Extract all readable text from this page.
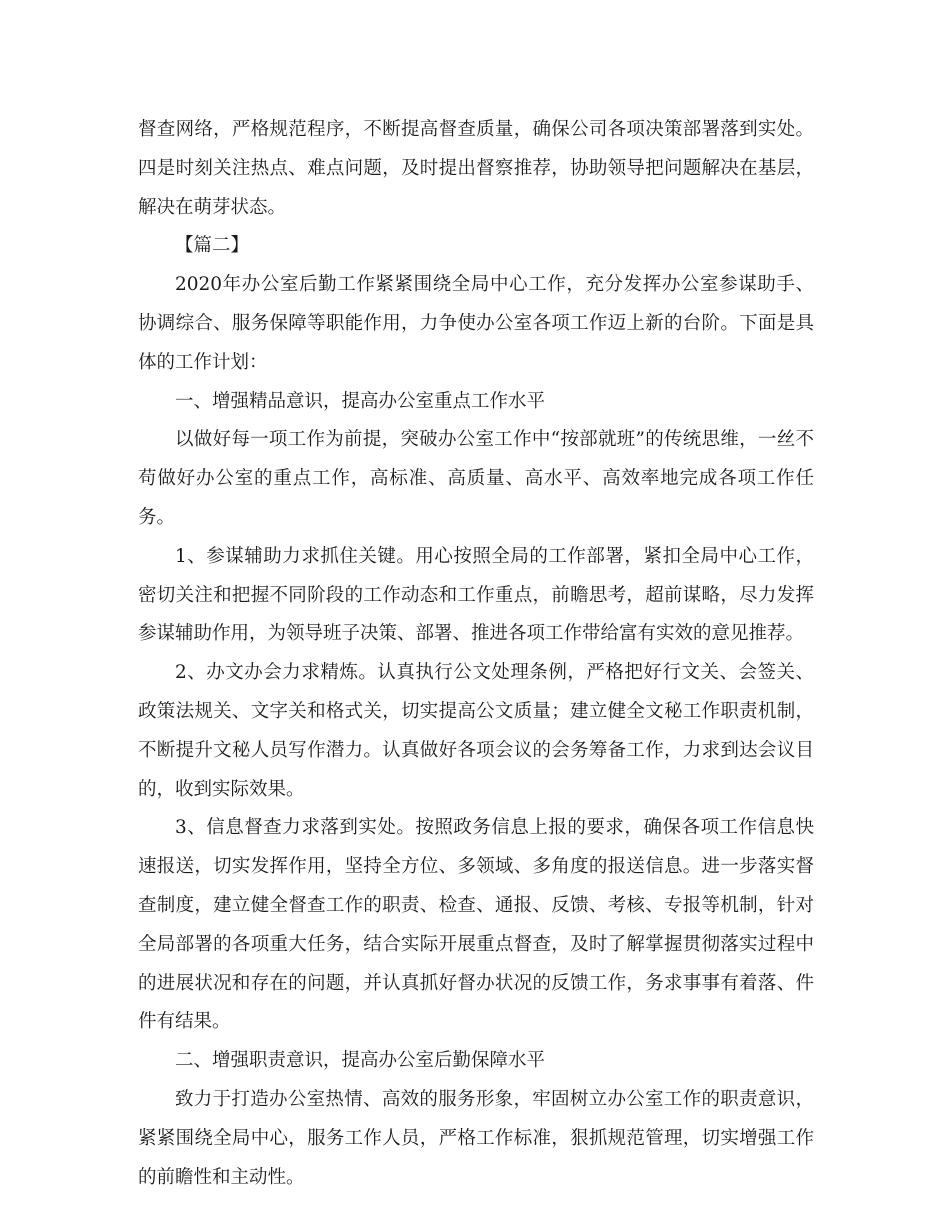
督查网络，严格规范程序，不断提高督查质量，确保公司各项决策部署落到实处。四是时刻关注热点、难点问题，及时提出督察推荐，协助领导把问题解决在基层，解决在萌芽状态。

【篇二】

2020年办公室后勤工作紧紧围绕全局中心工作，充分发挥办公室参谋助手、协调综合、服务保障等职能作用，力争使办公室各项工作迈上新的台阶。下面是具体的工作计划：

一、增强精品意识，提高办公室重点工作水平

以做好每一项工作为前提，突破办公室工作中“按部就班”的传统思维，一丝不苟做好办公室的重点工作，高标准、高质量、高水平、高效率地完成各项工作任务。

1、参谋辅助力求抓住关键。用心按照全局的工作部署，紧扣全局中心工作，密切关注和把握不同阶段的工作动态和工作重点，前瞻思考，超前谋略，尽力发挥参谋辅助作用，为领导班子决策、部署、推进各项工作带给富有实效的意见推荐。

2、办文办会力求精炼。认真执行公文处理条例，严格把好行文关、会签关、政策法规关、文字关和格式关，切实提高公文质量；建立健全文秘工作职责机制，不断提升文秘人员写作潜力。认真做好各项会议的会务筹备工作，力求到达会议目的，收到实际效果。

3、信息督查力求落到实处。按照政务信息上报的要求，确保各项工作信息快速报送，切实发挥作用，坚持全方位、多领域、多角度的报送信息。进一步落实督查制度，建立健全督查工作的职责、检查、通报、反馈、考核、专报等机制，针对全局部署的各项重大任务，结合实际开展重点督查，及时了解掌握贯彻落实过程中的进展状况和存在的问题，并认真抓好督办状况的反馈工作，务求事事有着落、件件有结果。

二、增强职责意识，提高办公室后勤保障水平

致力于打造办公室热情、高效的服务形象，牢固树立办公室工作的职责意识，紧紧围绕全局中心，服务工作人员，严格工作标准，狠抓规范管理，切实增强工作的前瞻性和主动性。
